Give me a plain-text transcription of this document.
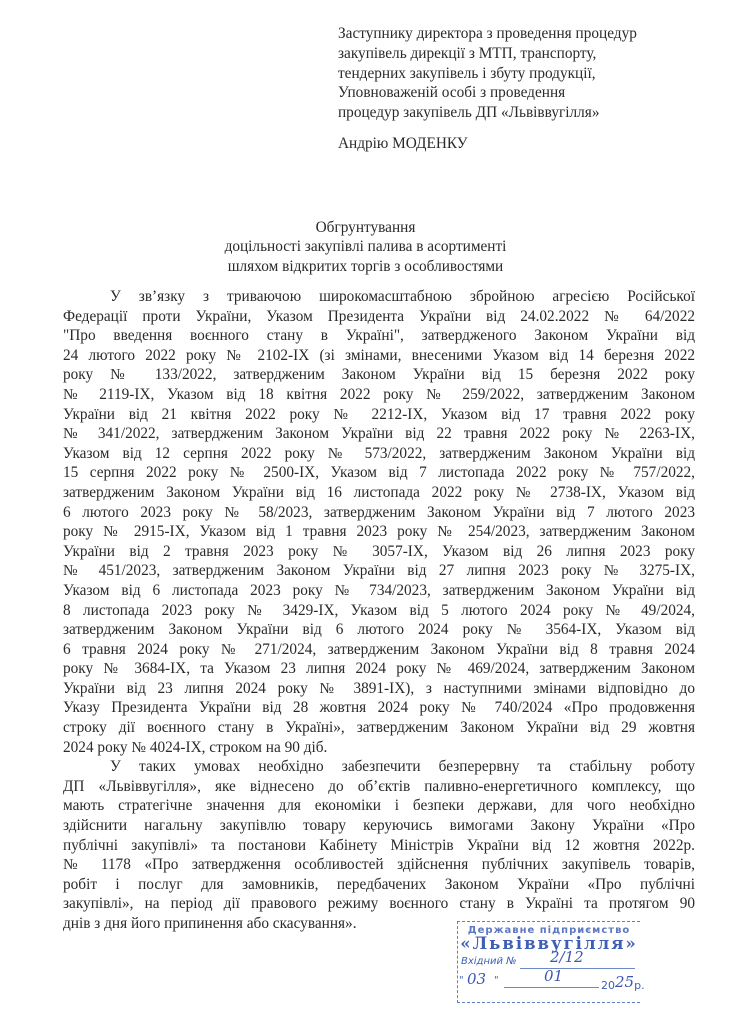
Заступнику директора з проведення процедур
закупівель дирекції з МТП, транспорту,
тендерних закупівель і збуту продукції,
Уповноваженій особі з проведення
процедур закупівель ДП «Львіввугілля»
Андрію МОДЕНКУ
Обгрунтування
доцільності закупівлі палива в асортименті
шляхом відкритих торгів з особливостями
У зв’язку з триваючою широкомасштабною збройною агресією Російської
Федерації проти України, Указом Президента України від 24.02.2022 № 64/2022
"Про введення воєнного стану в Україні", затвердженого Законом України від
24 лютого 2022 року № 2102-IX (зі змінами, внесеними Указом від 14 березня 2022
року № 133/2022, затвердженим Законом України від 15 березня 2022 року
№ 2119-IX, Указом від 18 квітня 2022 року № 259/2022, затвердженим Законом
України від 21 квітня 2022 року № 2212-IX, Указом від 17 травня 2022 року
№ 341/2022, затвердженим Законом України від 22 травня 2022 року № 2263-IX,
Указом від 12 серпня 2022 року № 573/2022, затвердженим Законом України від
15 серпня 2022 року № 2500-IX, Указом від 7 листопада 2022 року № 757/2022,
затвердженим Законом України від 16 листопада 2022 року № 2738-IX, Указом від
6 лютого 2023 року № 58/2023, затвердженим Законом України від 7 лютого 2023
року № 2915-IX, Указом від 1 травня 2023 року № 254/2023, затвердженим Законом
України від 2 травня 2023 року № 3057-IX, Указом від 26 липня 2023 року
№ 451/2023, затвердженим Законом України від 27 липня 2023 року № 3275-IX,
Указом від 6 листопада 2023 року № 734/2023, затвердженим Законом України від
8 листопада 2023 року № 3429-IX, Указом від 5 лютого 2024 року № 49/2024,
затвердженим Законом України від 6 лютого 2024 року № 3564-IX, Указом від
6 травня 2024 року № 271/2024, затвердженим Законом України від 8 травня 2024
року № 3684-IX, та Указом 23 липня 2024 року № 469/2024, затвердженим Законом
України від 23 липня 2024 року № 3891-IX), з наступними змінами відповідно до
Указу Президента України від 28 жовтня 2024 року № 740/2024 «Про продовження
строку дії воєнного стану в Україні», затвердженим Законом України від 29 жовтня
2024 року № 4024-IX, строком на 90 діб.
У таких умовах необхідно забезпечити безперервну та стабільну роботу
ДП «Львіввугілля», яке віднесено до об’єктів паливно-енергетичного комплексу, що
мають стратегічне значення для економіки і безпеки держави, для чого необхідно
здійснити нагальну закупівлю товару керуючись вимогами Закону України «Про
публічні закупівлі» та постанови Кабінету Міністрів України від 12 жовтня 2022р.
№ 1178 «Про затвердження особливостей здійснення публічних закупівель товарів,
робіт і послуг для замовників, передбачених Законом України «Про публічні
закупівлі», на період дії правового режиму воєнного стану в Україні та протягом 90
днів з дня його припинення або скасування».	Державне підприємство
«Львіввугілля»
Вхідний № 2/12
" 03 "	01
2025р.
